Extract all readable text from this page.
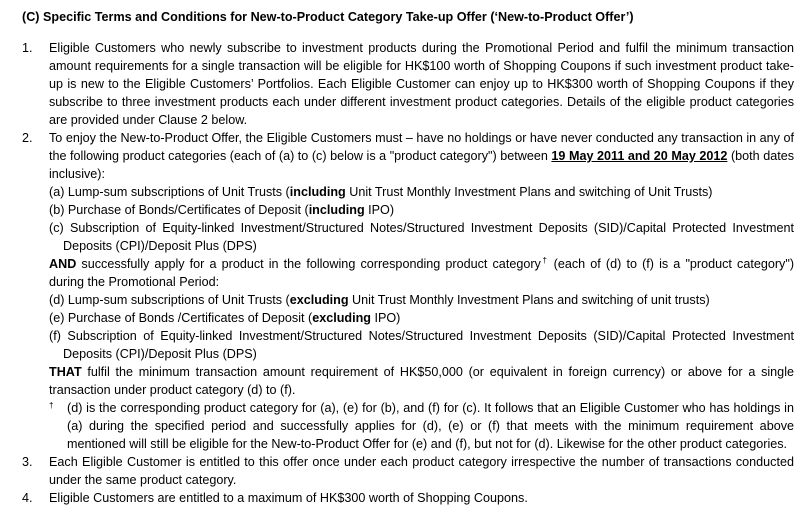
(C) Specific Terms and Conditions for New-to-Product Category Take-up Offer (‘New-to-Product Offer’)
1.	Eligible Customers who newly subscribe to investment products during the Promotional Period and fulfil the minimum transaction amount requirements for a single transaction will be eligible for HK$100 worth of Shopping Coupons if such investment product take-up is new to the Eligible Customers’ Portfolios. Each Eligible Customer can enjoy up to HK$300 worth of Shopping Coupons if they subscribe to three investment products each under different investment product categories. Details of the eligible product categories are provided under Clause 2 below.
2.	To enjoy the New-to-Product Offer, the Eligible Customers must – have no holdings or have never conducted any transaction in any of the following product categories (each of (a) to (c) below is a "product category") between 19 May 2011 and 20 May 2012 (both dates inclusive):

(a) Lump-sum subscriptions of Unit Trusts (including Unit Trust Monthly Investment Plans and switching of Unit Trusts)

(b) Purchase of Bonds/Certificates of Deposit (including IPO)

(c) Subscription of Equity-linked Investment/Structured Notes/Structured Investment Deposits (SID)/Capital Protected Investment Deposits (CPI)/Deposit Plus (DPS)

AND successfully apply for a product in the following corresponding product category† (each of (d) to (f) is a "product category") during the Promotional Period:

(d) Lump-sum subscriptions of Unit Trusts (excluding Unit Trust Monthly Investment Plans and switching of unit trusts)

(e) Purchase of Bonds /Certificates of Deposit (excluding IPO)

(f) Subscription of Equity-linked Investment/Structured Notes/Structured Investment Deposits (SID)/Capital Protected Investment Deposits (CPI)/Deposit Plus (DPS)

THAT fulfil the minimum transaction amount requirement of HK$50,000 (or equivalent in foreign currency) or above for a single transaction under product category (d) to (f).

†	(d) is the corresponding product category for (a), (e) for (b), and (f) for (c). It follows that an Eligible Customer who has holdings in (a) during the specified period and successfully applies for (d), (e) or (f) that meets with the minimum requirement above mentioned will still be eligible for the New-to-Product Offer for (e) and (f), but not for (d). Likewise for the other product categories.
3.	Each Eligible Customer is entitled to this offer once under each product category irrespective the number of transactions conducted under the same product category.
4.	Eligible Customers are entitled to a maximum of HK$300 worth of Shopping Coupons.
